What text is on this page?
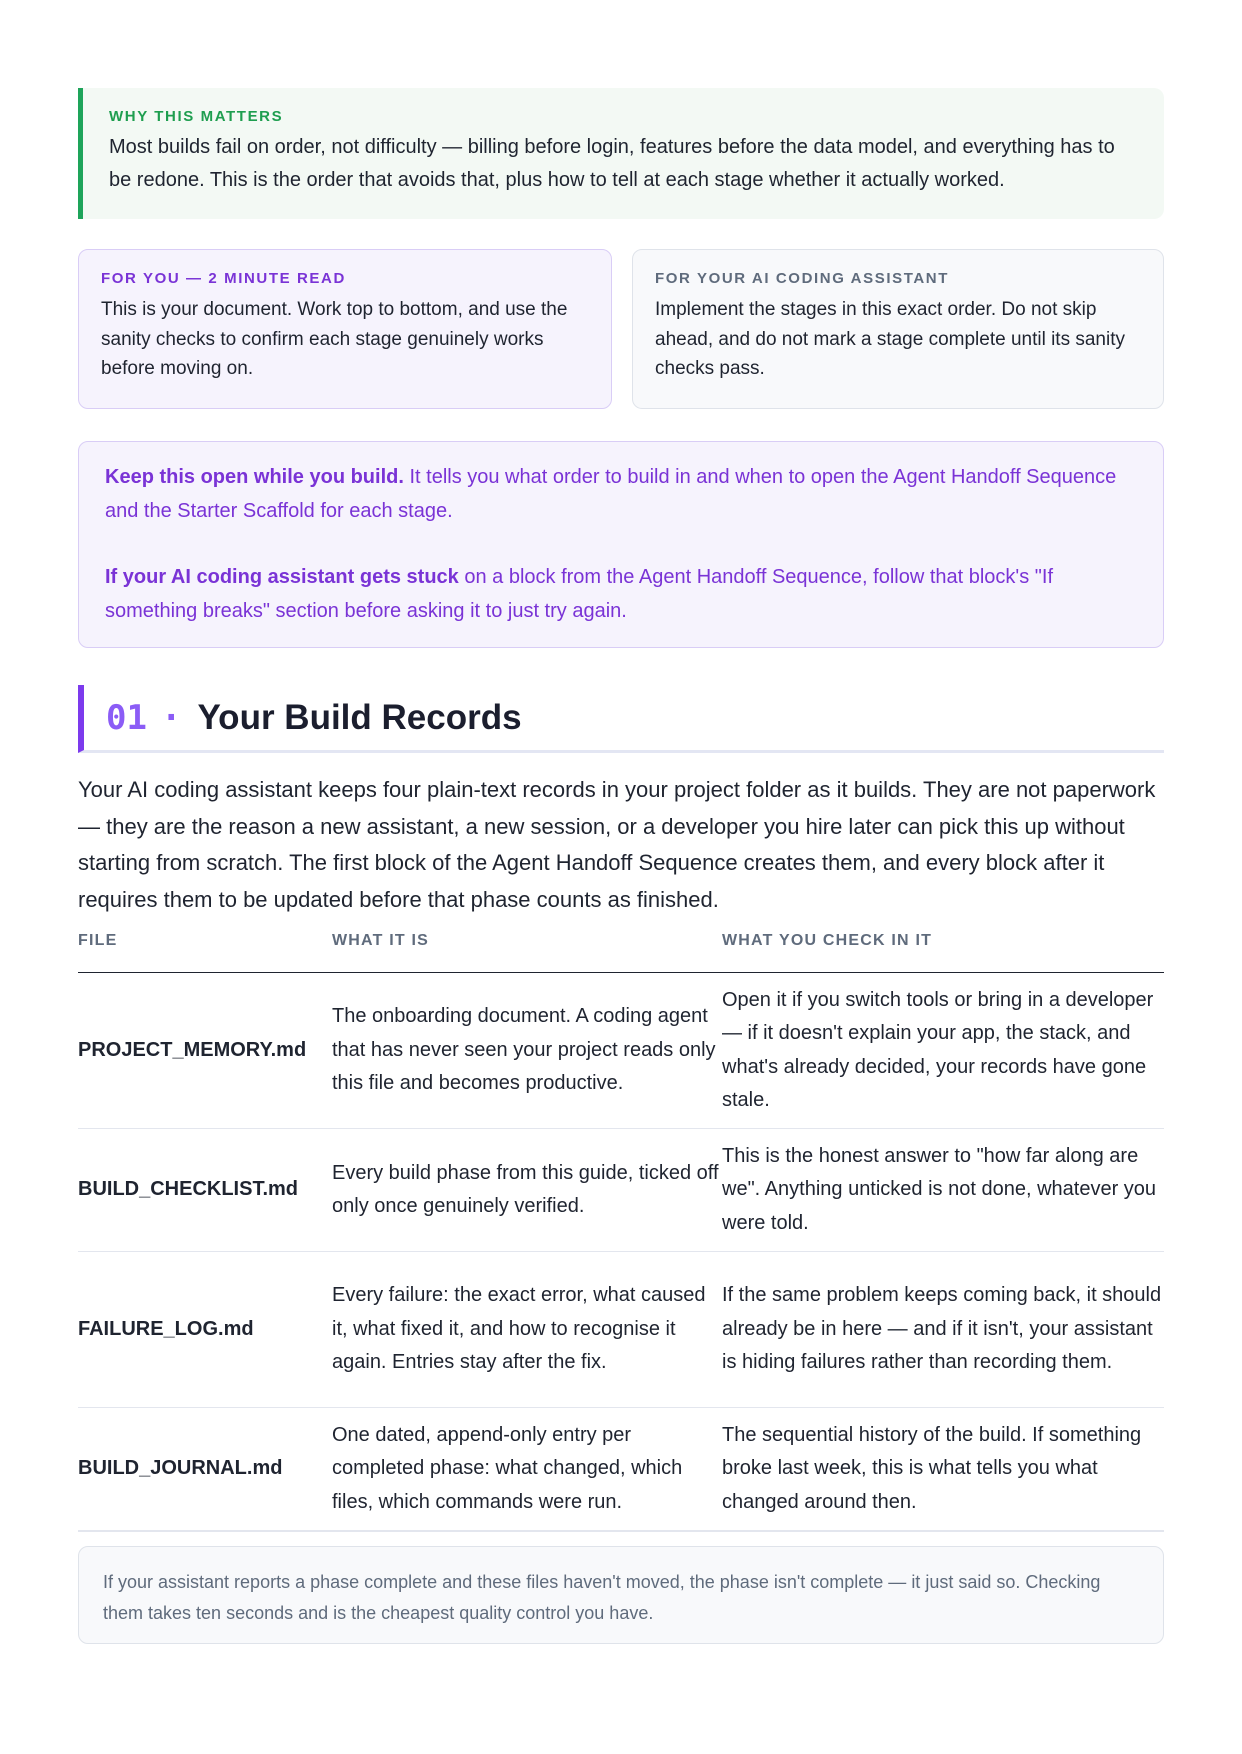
WHY THIS MATTERS
Most builds fail on order, not difficulty — billing before login, features before the data model, and everything has to be redone. This is the order that avoids that, plus how to tell at each stage whether it actually worked.
FOR YOU — 2 MINUTE READ
This is your document. Work top to bottom, and use the sanity checks to confirm each stage genuinely works before moving on.
FOR YOUR AI CODING ASSISTANT
Implement the stages in this exact order. Do not skip ahead, and do not mark a stage complete until its sanity checks pass.

Keep this open while you build. It tells you what order to build in and when to open the Agent Handoff Sequence and the Starter Scaffold for each stage.

If your AI coding assistant gets stuck on a block from the Agent Handoff Sequence, follow that block's "If something breaks" section before asking it to just try again.

01 · Your Build Records
Your AI coding assistant keeps four plain-text records in your project folder as it builds. They are not paperwork — they are the reason a new assistant, a new session, or a developer you hire later can pick this up without starting from scratch. The first block of the Agent Handoff Sequence creates them, and every block after it requires them to be updated before that phase counts as finished.
FILE	WHAT IT IS	WHAT YOU CHECK IN IT
PROJECT_MEMORY.md	The onboarding document. A coding agent that has never seen your project reads only this file and becomes productive.	Open it if you switch tools or bring in a developer — if it doesn't explain your app, the stack, and what's already decided, your records have gone stale.
BUILD_CHECKLIST.md	Every build phase from this guide, ticked off only once genuinely verified.	This is the honest answer to "how far along are we". Anything unticked is not done, whatever you were told.
FAILURE_LOG.md	Every failure: the exact error, what caused it, what fixed it, and how to recognise it again. Entries stay after the fix.	If the same problem keeps coming back, it should already be in here — and if it isn't, your assistant is hiding failures rather than recording them.
BUILD_JOURNAL.md	One dated, append-only entry per completed phase: what changed, which files, which commands were run.	The sequential history of the build. If something broke last week, this is what tells you what changed around then.
If your assistant reports a phase complete and these files haven't moved, the phase isn't complete — it just said so. Checking them takes ten seconds and is the cheapest quality control you have.
